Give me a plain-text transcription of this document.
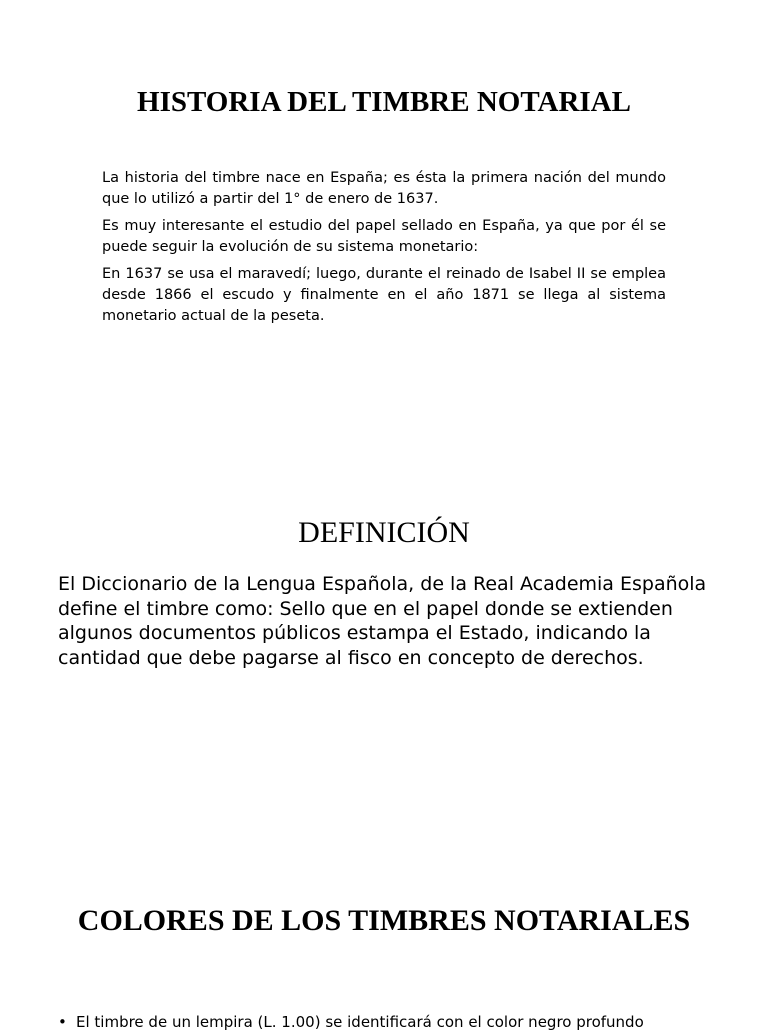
HISTORIA DEL TIMBRE NOTARIAL

La historia del timbre nace en España; es ésta la primera nación del mundo que lo utilizó a partir del 1° de enero de 1637.

Es muy interesante el estudio del papel sellado en España, ya que por él se puede seguir la evolución de su sistema monetario:

En 1637 se usa el maravedí; luego, durante el reinado de Isabel II se emplea desde 1866 el escudo y finalmente en el año 1871 se llega al sistema monetario actual de la peseta.

DEFINICIÓN

El Diccionario de la Lengua Española, de la Real Academia Española define el timbre como: Sello que en el papel donde se extienden algunos documentos públicos estampa el Estado, indicando la cantidad que debe pagarse al fisco en concepto de derechos.

COLORES DE LOS TIMBRES NOTARIALES
• El timbre de un lempira (L. 1.00) se identificará con el color negro profundo
